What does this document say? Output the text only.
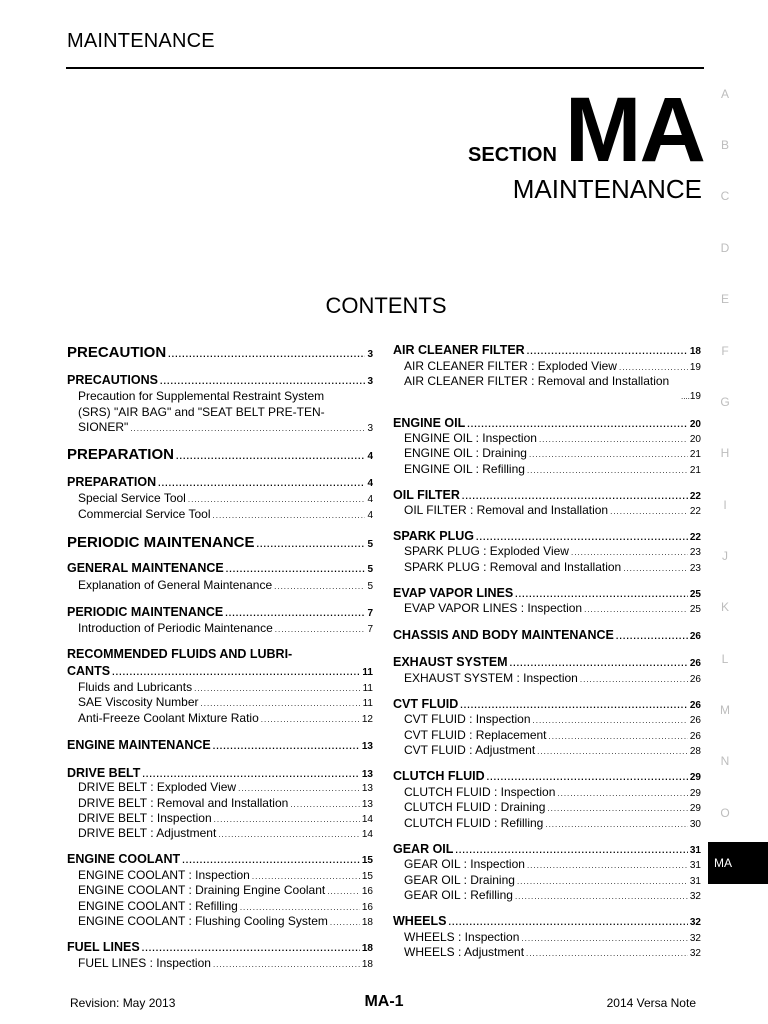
MAINTENANCE
SECTIONMA
MAINTENANCE
CONTENTS
A
B
C
D
E
F
G
H
I
J
K
L
M
N
O
MA
PRECAUTION .....	3
PRECAUTIONS .....	3
Precaution for Supplemental Restraint System
(SRS) "AIR BAG" and "SEAT BELT PRE-TEN-
SIONER" .....	3
PREPARATION .....	4
PREPARATION .....	4
Special Service Tool .....	4
Commercial Service Tool .....	4
PERIODIC MAINTENANCE .....	5
GENERAL MAINTENANCE .....	5
Explanation of General Maintenance .....	5
PERIODIC MAINTENANCE .....	7
Introduction of Periodic Maintenance .....	7
RECOMMENDED FLUIDS AND LUBRI-
CANTS .....	11
Fluids and Lubricants .....	11
SAE Viscosity Number .....	11
Anti-Freeze Coolant Mixture Ratio .....	12
ENGINE MAINTENANCE .....	13
DRIVE BELT .....	13
DRIVE BELT : Exploded View .....	13
DRIVE BELT : Removal and Installation .....	13
DRIVE BELT : Inspection .....	14
DRIVE BELT : Adjustment .....	14
ENGINE COOLANT .....	15
ENGINE COOLANT : Inspection .....	15
ENGINE COOLANT : Draining Engine Coolant .....	16
ENGINE COOLANT : Refilling .....	16
ENGINE COOLANT : Flushing Cooling System .....	18
FUEL LINES .....	18
FUEL LINES : Inspection .....	18
AIR CLEANER FILTER .....	18
AIR CLEANER FILTER : Exploded View .....	19
AIR CLEANER FILTER : Removal and Installation
....19
ENGINE OIL .....	20
ENGINE OIL : Inspection .....	20
ENGINE OIL : Draining .....	21
ENGINE OIL : Refilling .....	21
OIL FILTER .....	22
OIL FILTER : Removal and Installation .....	22
SPARK PLUG .....	22
SPARK PLUG : Exploded View .....	23
SPARK PLUG : Removal and Installation .....	23
EVAP VAPOR LINES .....	25
EVAP VAPOR LINES : Inspection .....	25
CHASSIS AND BODY MAINTENANCE .....	26
EXHAUST SYSTEM .....	26
EXHAUST SYSTEM : Inspection .....	26
CVT FLUID .....	26
CVT FLUID : Inspection .....	26
CVT FLUID : Replacement .....	26
CVT FLUID : Adjustment .....	28
CLUTCH FLUID .....	29
CLUTCH FLUID : Inspection .....	29
CLUTCH FLUID : Draining .....	29
CLUTCH FLUID : Refilling .....	30
GEAR OIL .....	31
GEAR OIL : Inspection .....	31
GEAR OIL : Draining .....	31
GEAR OIL : Refilling .....	32
WHEELS .....	32
WHEELS : Inspection .....	32
WHEELS : Adjustment .....	32
Revision: May 2013	MA-1	2014 Versa Note
